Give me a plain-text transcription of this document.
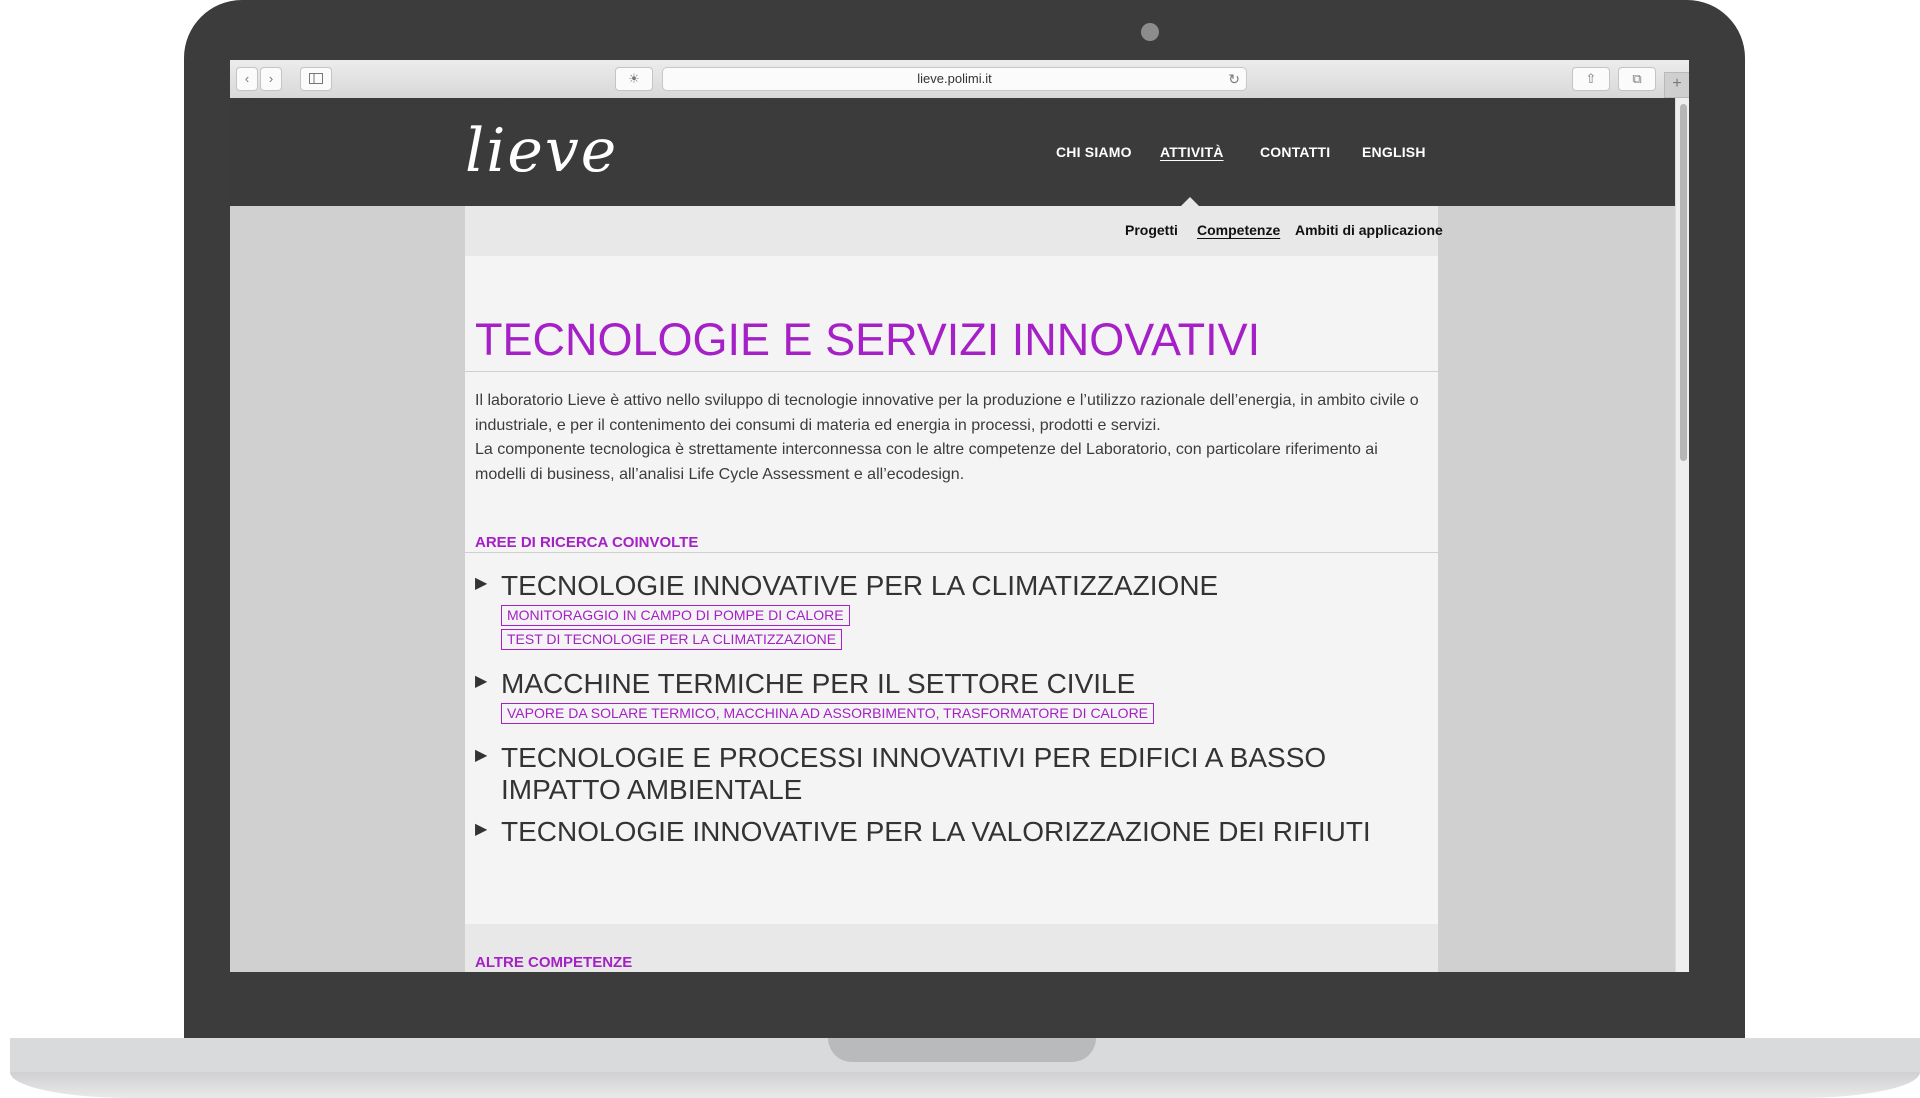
‹	›	☀	lieve.polimi.it	↻	⇧	⧉	+
lieve	CHI SIAMO ATTIVITÀ	CONTATTI ENGLISH
Progetti Competenze Ambiti di applicazione
TECNOLOGIE E SERVIZI INNOVATIVI
Il laboratorio Lieve è attivo nello sviluppo di tecnologie innovative per la produzione e l’utilizzo razionale dell’energia, in ambito civile o industriale, e per il contenimento dei consumi di materia ed energia in processi, prodotti e servizi.
La componente tecnologica è strettamente interconnessa con le altre competenze del Laboratorio, con particolare riferimento ai modelli di business, all’analisi Life Cycle Assessment e all’ecodesign.
AREE DI RICERCA COINVOLTE
▶ TECNOLOGIE INNOVATIVE PER LA CLIMATIZZAZIONE
MONITORAGGIO IN CAMPO DI POMPE DI CALORE
TEST DI TECNOLOGIE PER LA CLIMATIZZAZIONE
▶ MACCHINE TERMICHE PER IL SETTORE CIVILE
VAPORE DA SOLARE TERMICO, MACCHINA AD ASSORBIMENTO, TRASFORMATORE DI CALORE
▶ TECNOLOGIE E PROCESSI INNOVATIVI PER EDIFICI A BASSO IMPATTO AMBIENTALE
▶ TECNOLOGIE INNOVATIVE PER LA VALORIZZAZIONE DEI RIFIUTI
ALTRE COMPETENZE
